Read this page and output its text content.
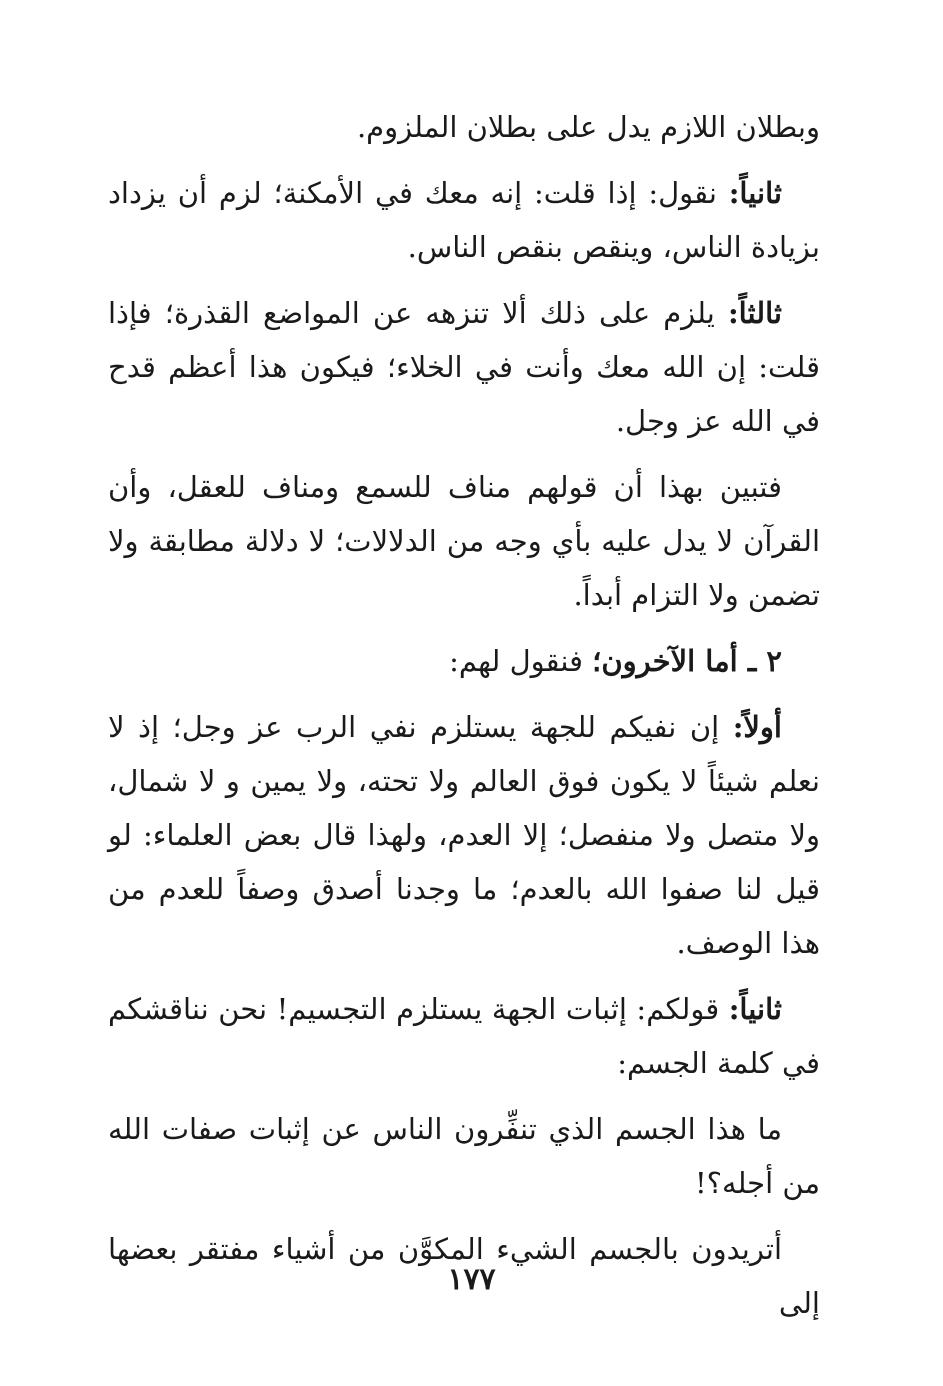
وبطلان اللازم يدل على بطلان الملزوم.

ثانياً: نقول: إذا قلت: إنه معك في الأمكنة؛ لزم أن يزداد بزيادة الناس، وينقص بنقص الناس.

ثالثاً: يلزم على ذلك ألا تنزهه عن المواضع القذرة؛ فإذا قلت: إن الله معك وأنت في الخلاء؛ فيكون هذا أعظم قدح في الله عز وجل.

فتبين بهذا أن قولهم مناف للسمع ومناف للعقل، وأن القرآن لا يدل عليه بأي وجه من الدلالات؛ لا دلالة مطابقة ولا تضمن ولا التزام أبداً.

٢ ـ أما الآخرون؛ فنقول لهم:

أولاً: إن نفيكم للجهة يستلزم نفي الرب عز وجل؛ إذ لا نعلم شيئاً لا يكون فوق العالم ولا تحته، ولا يمين و لا شمال، ولا متصل ولا منفصل؛ إلا العدم، ولهذا قال بعض العلماء: لو قيل لنا صفوا الله بالعدم؛ ما وجدنا أصدق وصفاً للعدم من هذا الوصف.

ثانياً: قولكم: إثبات الجهة يستلزم التجسيم! نحن نناقشكم في كلمة الجسم:

ما هذا الجسم الذي تنفِّرون الناس عن إثبات صفات الله من أجله؟!

أتريدون بالجسم الشيء المكوَّن من أشياء مفتقر بعضها إلى

١٧٧
